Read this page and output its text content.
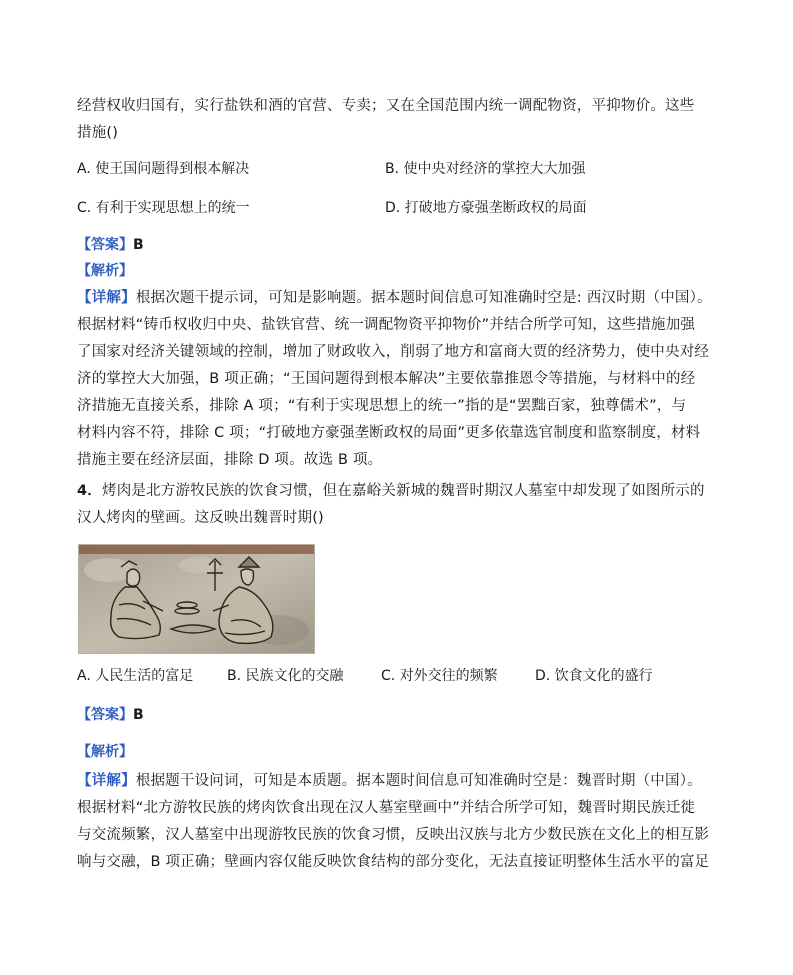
经营权收归国有，实行盐铁和酒的官营、专卖；又在全国范围内统一调配物资，平抑物价。这些
措施()
A. 使王国问题得到根本解决	B. 使中央对经济的掌控大大加强
C. 有利于实现思想上的统一	D. 打破地方豪强垄断政权的局面
【答案】B
【解析】
【详解】根据次题干提示词，可知是影响题。据本题时间信息可知准确时空是: 西汉时期（中国）。
根据材料“铸币权收归中央、盐铁官营、统一调配物资平抑物价”并结合所学可知，这些措施加强
了国家对经济关键领域的控制，增加了财政收入，削弱了地方和富商大贾的经济势力，使中央对经
济的掌控大大加强，B 项正确；“王国问题得到根本解决”主要依靠推恩令等措施，与材料中的经
济措施无直接关系，排除 A 项；“有利于实现思想上的统一”指的是“罢黜百家，独尊儒术”，与
材料内容不符，排除 C 项；“打破地方豪强垄断政权的局面”更多依靠选官制度和监察制度，材料
措施主要在经济层面，排除 D 项。故选 B 项。
4．烤肉是北方游牧民族的饮食习惯，但在嘉峪关新城的魏晋时期汉人墓室中却发现了如图所示的
汉人烤肉的壁画。这反映出魏晋时期()
A. 人民生活的富足 B. 民族文化的交融	C. 对外交往的频繁	D. 饮食文化的盛行
【答案】B
【解析】
【详解】根据题干设问词，可知是本质题。据本题时间信息可知准确时空是：魏晋时期（中国）。
根据材料“北方游牧民族的烤肉饮食出现在汉人墓室壁画中”并结合所学可知，魏晋时期民族迁徙
与交流频繁，汉人墓室中出现游牧民族的饮食习惯，反映出汉族与北方少数民族在文化上的相互影
响与交融，B 项正确；壁画内容仅能反映饮食结构的部分变化，无法直接证明整体生活水平的富足
